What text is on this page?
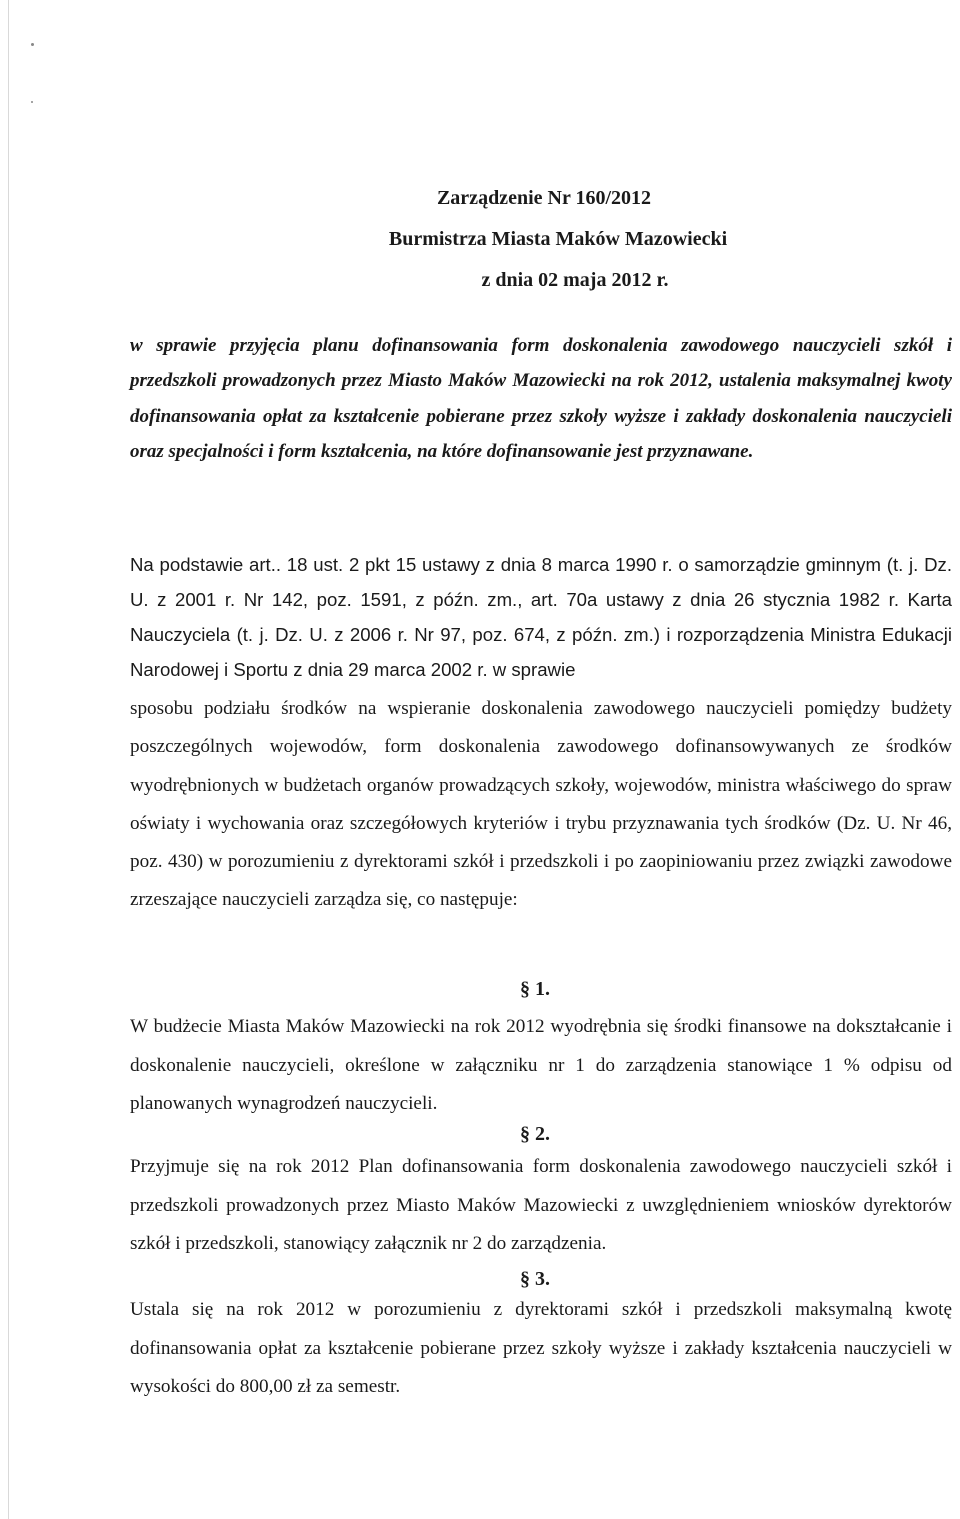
Zarządzenie Nr 160/2012
Burmistrza Miasta Maków Mazowiecki
z dnia 02 maja 2012 r.

w sprawie przyjęcia planu dofinansowania form doskonalenia zawodowego nauczycieli szkół i przedszkoli prowadzonych przez Miasto Maków Mazowiecki na rok 2012, ustalenia maksymalnej kwoty dofinansowania opłat za kształcenie pobierane przez szkoły wyższe i zakłady doskonalenia nauczycieli oraz specjalności i form kształcenia, na które dofinansowanie jest przyznawane.

Na podstawie art.. 18 ust. 2 pkt 15 ustawy z dnia 8 marca 1990 r. o samorządzie gminnym (t. j. Dz. U. z 2001 r. Nr 142, poz. 1591, z późn. zm., art. 70a ustawy z dnia 26 stycznia 1982 r. Karta Nauczyciela (t. j. Dz. U. z 2006 r. Nr 97, poz. 674, z późn. zm.) i rozporządzenia Ministra Edukacji Narodowej i Sportu z dnia 29 marca 2002 r. w sprawie

sposobu podziału środków na wspieranie doskonalenia zawodowego nauczycieli pomiędzy budżety poszczególnych wojewodów, form doskonalenia zawodowego dofinansowywanych ze środków wyodrębnionych w budżetach organów prowadzących szkoły, wojewodów, ministra właściwego do spraw oświaty i wychowania oraz szczegółowych kryteriów i trybu przyznawania tych środków (Dz. U. Nr 46, poz. 430) w porozumieniu z dyrektorami szkół i przedszkoli i po zaopiniowaniu przez związki zawodowe zrzeszające nauczycieli zarządza się, co następuje:

§ 1.

W budżecie Miasta Maków Mazowiecki na rok 2012 wyodrębnia się środki finansowe na dokształcanie i doskonalenie nauczycieli, określone w załączniku nr 1 do zarządzenia stanowiące 1 % odpisu od planowanych wynagrodzeń nauczycieli.

§ 2.

Przyjmuje się na rok 2012 Plan dofinansowania form doskonalenia zawodowego nauczycieli szkół i przedszkoli prowadzonych przez Miasto Maków Mazowiecki z uwzględnieniem wniosków dyrektorów szkół i przedszkoli, stanowiący załącznik nr 2 do zarządzenia.

§ 3.

Ustala się na rok 2012 w porozumieniu z dyrektorami szkół i przedszkoli maksymalną kwotę dofinansowania opłat za kształcenie pobierane przez szkoły wyższe i zakłady kształcenia nauczycieli w wysokości do 800,00 zł za semestr.
